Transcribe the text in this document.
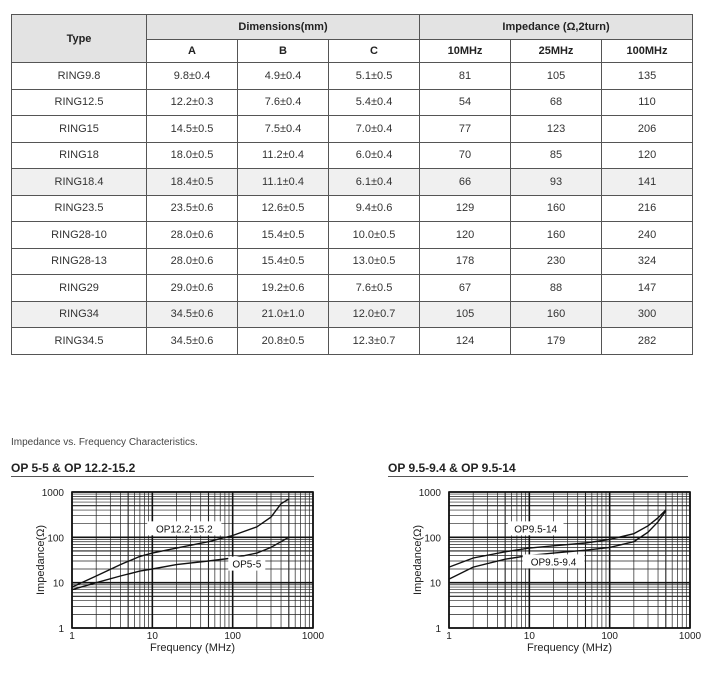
Type	Dimensions(mm)			Impedance (Ω,2turn)		
	A	B	C	10MHz	25MHz	100MHz
RING9.8	9.8±0.4	4.9±0.4	5.1±0.5	81	105	135
RING12.5	12.2±0.3	7.6±0.4	5.4±0.4	54	68	110
RING15	14.5±0.5	7.5±0.4	7.0±0.4	77	123	206
RING18	18.0±0.5	11.2±0.4	6.0±0.4	70	85	120
RING18.4	18.4±0.5	11.1±0.4	6.1±0.4	66	93	141
RING23.5	23.5±0.6	12.6±0.5	9.4±0.6	129	160	216
RING28-10	28.0±0.6	15.4±0.5	10.0±0.5	120	160	240
RING28-13	28.0±0.6	15.4±0.5	13.0±0.5	178	230	324
RING29	29.0±0.6	19.2±0.6	7.6±0.5	67	88	147
RING34	34.5±0.6	21.0±1.0	12.0±0.7	105	160	300
RING34.5	34.5±0.6	20.8±0.5	12.3±0.7	124	179	282
Impedance vs. Frequency Characteristics.
OP 5-5 & OP 12.2-15.2	OP 9.5-9.4 & OP 9.5-14
1	10	100	1000
1
10
100
1000
Frequency (MHz)
Impedance(Ω)	OP12.2-15.2
OP5-5
1	10	100	1000
1
10
100
1000
Frequency (MHz)
Impedance(Ω)	OP9.5-14
OP9.5-9.4
